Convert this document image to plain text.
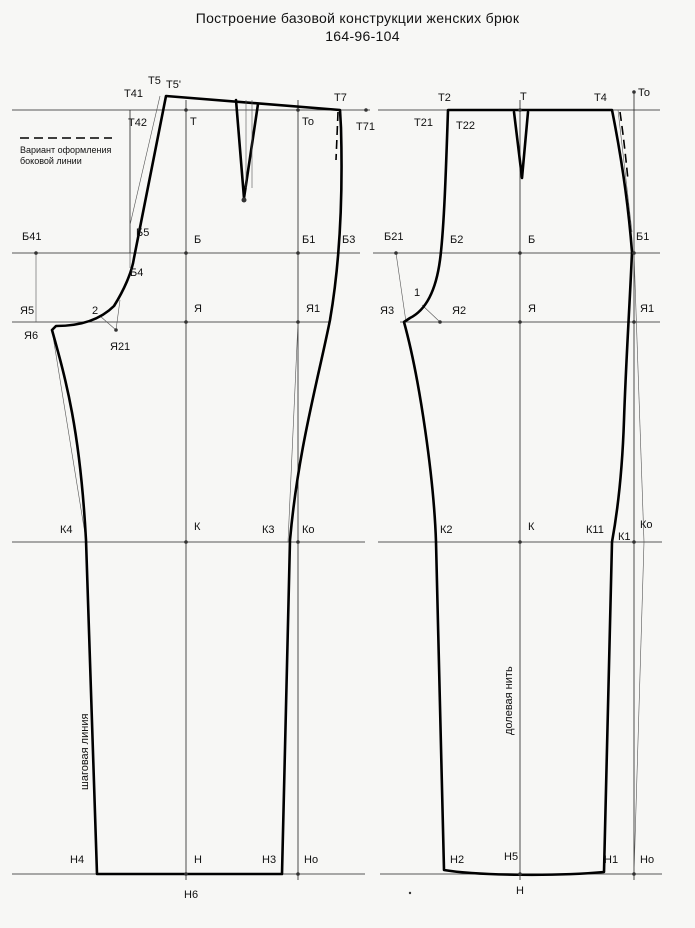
Построение базовой конструкции женских брюк
164-96-104
Вариант оформления
боковой линии
Т41
Т5 Т5'
Т7
Т42	Т	То	Т71
Б41	Б5
Б	Б1 Б3
Б4
Я5
Я6
2	Я	Я1
Я21
К4	К	К3 Ко
Н4	Н	Н3	Но
Н6
шаговая линия
Т2	Т	Т4	То
Т21 Т22
Б21	Б2	Б	Б1
1
Я3	Я2	Я	Я1
К2	К	К11
К1
Ко
Н2	Н5	Н1 Но
Н
долевая нить
